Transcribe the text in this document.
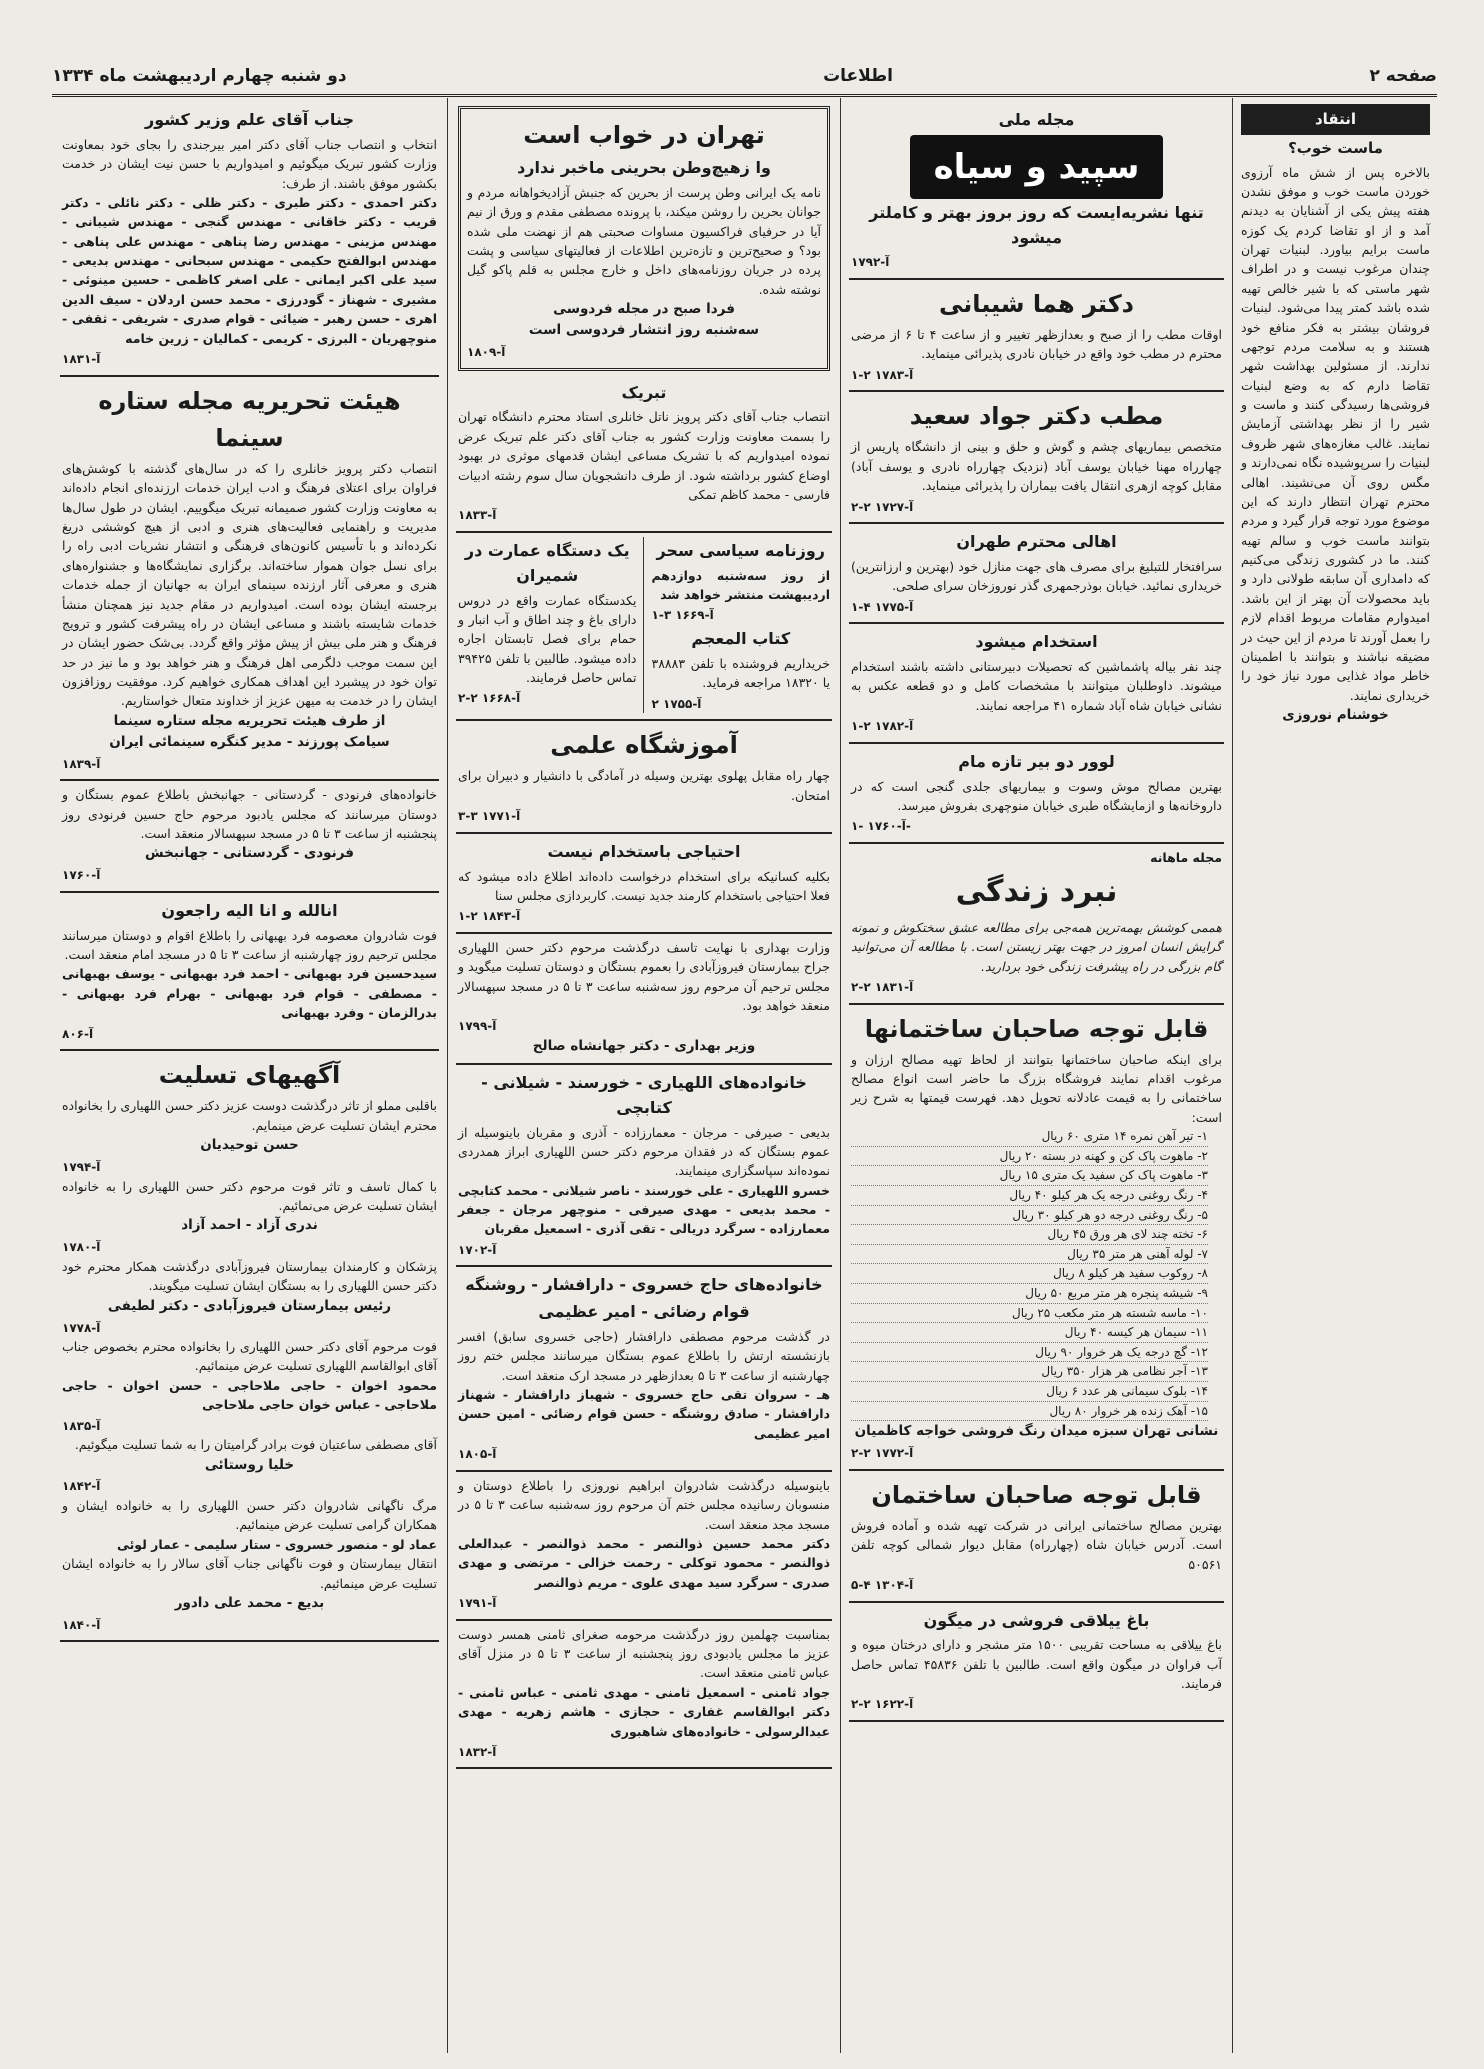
صفحه ۲
اطلاعات
دو شنبه چهارم اردیبهشت ماه ۱۳۳۴
انتقاد
ماست خوب؟
بالاخره پس از شش ماه آرزوی خوردن ماست خوب و موفق نشدن هفته پیش یکی از آشنایان به دیدنم آمد و از او تقاضا کردم یک کوزه ماست برایم بیاورد. لبنیات تهران چندان مرغوب نیست و در اطراف شهر ماستی که با شیر خالص تهیه شده باشد کمتر پیدا می‌شود. لبنیات فروشان بیشتر به فکر منافع خود هستند و به سلامت مردم توجهی ندارند. از مسئولین بهداشت شهر تقاضا دارم که به وضع لبنیات فروشی‌ها رسیدگی کنند و ماست و شیر را از نظر بهداشتی آزمایش نمایند. غالب مغازه‌های شهر ظروف لبنیات را سرپوشیده نگاه نمی‌دارند و مگس روی آن می‌نشیند. اهالی محترم تهران انتظار دارند که این موضوع مورد توجه قرار گیرد و مردم بتوانند ماست خوب و سالم تهیه کنند. ما در کشوری زندگی می‌کنیم که دامداری آن سابقه طولانی دارد و باید محصولات آن بهتر از این باشد. امیدوارم مقامات مربوط اقدام لازم را بعمل آورند تا مردم از این حیث در مضیقه نباشند و بتوانند با اطمینان خاطر مواد غذایی مورد نیاز خود را خریداری نمایند.
خوشنام نوروزی
مجله ملی
سپید و سیاه
تنها نشریه‌ایست که روز بروز بهتر و کاملتر میشود
آ-۱۷۹۲
دکتر هما شیبانی
اوقات مطب را از صبح و بعدازظهر تغییر و از ساعت ۴ تا ۶ از مرضی محترم در مطب خود واقع در خیابان نادری پذیرائی مینماید.
آ-۱۷۸۳ ۲-۱
مطب دکتر جواد سعید
متخصص بیماریهای چشم و گوش و حلق و بینی از دانشگاه پاریس از چهارراه مهنا خیابان یوسف آباد (نزدیک چهارراه نادری و یوسف آباد) مقابل کوچه ازهری انتقال یافت بیماران را پذیرائی مینماید.
آ-۱۷۲۷ ۲-۲
اهالی محترم طهران
سرافتخار للتبلیغ برای مصرف های جهت منازل خود (بهترین و ارزانترین) خریداری نمائید. خیابان بوذرجمهری گذر نوروزخان سرای صلحی.
آ-۱۷۷۵ ۴-۱
استخدام میشود
چند نفر بیاله پاشماشین که تحصیلات دبیرستانی داشته باشند استخدام میشوند. داوطلبان میتوانند با مشخصات کامل و دو قطعه عکس به نشانی خیابان شاه آباد شماره ۴۱ مراجعه نمایند.
آ-۱۷۸۲ ۲-۱
لوور دو بیر تازه مام
بهترین مصالح موش وسوت و بیماریهای جلدی گنجی است که در داروخانه‌ها و ازمایشگاه طبری خیابان منوچهری بفروش میرسد.
آ-۱۷۶۰ -۱-
مجله ماهانه
نبرد زندگی
هممی کوشش بهمه‌ترین همه‌جی برای مطالعه عشق سختکوش و نمونه گرایش انسان امروز در جهت بهتر زیستن است. با مطالعه آن می‌توانید گام بزرگی در راه پیشرفت زندگی خود بردارید.
آ-۱۸۳۱ ۲-۲
قابل توجه صاحبان ساختمانها
برای اینکه صاحبان ساختمانها بتوانند از لحاظ تهیه مصالح ارزان و مرغوب اقدام نمایند فروشگاه بزرگ ما حاضر است انواع مصالح ساختمانی را به قیمت عادلانه تحویل دهد. فهرست قیمتها به شرح زیر است:
۱- تیر آهن نمره ۱۴ متری ۶۰ ریال
۲- ماهوت پاک کن و کهنه در بسته ۲۰ ریال
۳- ماهوت پاک کن سفید یک متری ۱۵ ریال
۴- رنگ روغنی درجه یک هر کیلو ۴۰ ریال
۵- رنگ روغنی درجه دو هر کیلو ۳۰ ریال
۶- تخته چند لای هر ورق ۴۵ ریال
۷- لوله آهنی هر متر ۳۵ ریال
۸- روکوب سفید هر کیلو ۸ ریال
۹- شیشه پنجره هر متر مربع ۵۰ ریال
۱۰- ماسه شسته هر متر مکعب ۲۵ ریال
۱۱- سیمان هر کیسه ۴۰ ریال
۱۲- گچ درجه یک هر خروار ۹۰ ریال
۱۳- آجر نظامی هر هزار ۳۵۰ ریال
۱۴- بلوک سیمانی هر عدد ۶ ریال
۱۵- آهک زنده هر خروار ۸۰ ریال
نشانی تهران سبزه میدان رنگ فروشی خواجه کاظمیان
آ-۱۷۷۲ ۲-۲
قابل توجه صاحبان ساختمان
بهترین مصالح ساختمانی ایرانی در شرکت تهیه شده و آماده فروش است. آدرس خیابان شاه (چهارراه) مقابل دیوار شمالی کوچه تلفن ۵۰۵۶۱
آ-۱۳۰۴ ۴-۵
باغ ییلاقی فروشی در میگون
باغ ییلاقی به مساحت تقریبی ۱۵۰۰ متر مشجر و دارای درختان میوه و آب فراوان در میگون واقع است. طالبین با تلفن ۴۵۸۳۶ تماس حاصل فرمایند.
آ-۱۶۲۲ ۲-۲
تهران در خواب است
وا زهیچ‌وطن بحرینی ماخبر ندارد
نامه یک ایرانی وطن پرست از بحرین که جنبش آزادیخواهانه مردم و جوانان بحرین را روشن میکند، با پرونده مصطفی مقدم و ورق از نیم آیا در حرفیای فراکسیون مساوات صحبتی هم از نهضت ملی شده بود؟ و صحیح‌ترین و تازه‌ترین اطلاعات از فعالیتهای سیاسی و پشت پرده در جریان روزنامه‌های داخل و خارج مجلس به قلم پاکو گیل نوشته شده.
فردا صبح در مجله فردوسی
سه‌شنبه روز انتشار فردوسی است
آ-۱۸۰۹
تبریک
انتصاب جناب آقای دکتر پرویز ناتل خانلری استاد محترم دانشگاه تهران را بسمت معاونت وزارت کشور به جناب آقای دکتر علم تبریک عرض نموده امیدواریم که با تشریک مساعی ایشان قدمهای موثری در بهبود اوضاع کشور برداشته شود. از طرف دانشجویان سال سوم رشته ادبیات فارسی - محمد کاظم تمکی
آ-۱۸۳۳
روزنامه سیاسی سحر
از روز سه‌شنبه دوازدهم اردیبهشت منتشر خواهد شد
آ-۱۶۶۹ ۳-۱
کتاب المعجم
خریداریم فروشنده با تلفن ۳۸۸۸۳ یا ۱۸۳۲۰ مراجعه فرماید.
آ-۱۷۵۵ ۲
یک دستگاه عمارت در شمیران
یکدستگاه عمارت واقع در دروس دارای باغ و چند اطاق و آب انبار و حمام برای فصل تابستان اجاره داده میشود. طالبین با تلفن ۳۹۴۲۵ تماس حاصل فرمایند.
آ-۱۶۶۸ ۲-۲
آموزشگاه علمی
چهار راه مقابل پهلوی بهترین وسیله در آمادگی با دانشیار و دبیران برای امتحان.
آ-۱۷۷۱ ۳-۳
احتیاجی باستخدام نیست
بکلیه کسانیکه برای استخدام درخواست داده‌اند اطلاع داده میشود که فعلا احتیاجی باستخدام کارمند جدید نیست. کاربردازی مجلس سنا
آ-۱۸۴۳ ۲-۱
وزارت بهداری با نهایت تاسف درگذشت مرحوم دکتر حسن اللهیاری جراح بیمارستان فیروزآبادی را بعموم بستگان و دوستان تسلیت میگوید و مجلس ترحیم آن مرحوم روز سه‌شنبه ساعت ۳ تا ۵ در مسجد سپهسالار منعقد خواهد بود.
آ-۱۷۹۹
وزیر بهداری - دکتر جهانشاه صالح
خانواده‌های اللهیاری - خورسند - شیلانی - کتابچی
بدیعی - صیرفی - مرجان - معمارزاده - آذری و مقربان باینوسیله از عموم بستگان که در فقدان مرحوم دکتر حسن اللهیاری ابراز همدردی نموده‌اند سپاسگزاری مینمایند.
خسرو اللهیاری - علی خورسند - ناصر شیلانی - محمد کتابچی - محمد بدیعی - مهدی صیرفی - منوچهر مرجان - جعفر معمارزاده - سرگرد دریالی - تقی آذری - اسمعیل مقربان
آ-۱۷۰۲
خانواده‌های حاج خسروی - دارافشار - روشنگه
قوام رضائی - امیر عظیمی
در گذشت مرحوم مصطفی دارافشار (حاجی خسروی سابق) افسر بازنشسته ارتش را باطلاع عموم بستگان میرسانند مجلس ختم روز چهارشنبه از ساعت ۳ تا ۵ بعدازظهر در مسجد ارک منعقد است.
هـ - سروان تقی حاج خسروی - شهباز دارافشار - شهناز دارافشار - صادق روشنگه - حسن قوام رضائی - امین حسن امیر عظیمی
آ-۱۸۰۵
باینوسیله درگذشت شادروان ابراهیم نوروزی را باطلاع دوستان و منسوبان رسانیده مجلس ختم آن مرحوم روز سه‌شنبه ساعت ۳ تا ۵ در مسجد مجد منعقد است.
دکتر محمد حسین ذوالنصر - محمد ذوالنصر - عبدالعلی ذوالنصر - محمود توکلی - رحمت خزالی - مرتضی و مهدی صدری - سرگرد سید مهدی علوی - مریم ذوالنصر
آ-۱۷۹۱
بمناسبت چهلمین روز درگذشت مرحومه صغرای ثامنی همسر دوست عزیز ما مجلس یادبودی روز پنجشنبه از ساعت ۳ تا ۵ در منزل آقای عباس ثامنی منعقد است.
جواد ثامنی - اسمعیل ثامنی - مهدی ثامنی - عباس ثامنی - دکتر ابوالقاسم غفاری - حجازی - هاشم زهریه - مهدی عبدالرسولی - خانواده‌های شاهبوری
آ-۱۸۳۲
جناب آقای علم وزیر کشور
انتخاب و انتصاب جناب آقای دکتر امیر بیرجندی را بجای خود بمعاونت وزارت کشور تبریک میگوئیم و امیدواریم با حسن نیت ایشان در خدمت بکشور موفق باشند. از طرف:
دکتر احمدی - دکتر طبری - دکتر ظلی - دکتر نائلی - دکتر قریب - دکتر خاقانی - مهندس گنجی - مهندس شیبانی - مهندس مزینی - مهندس رضا پناهی - مهندس علی پناهی - مهندس ابوالفتح حکیمی - مهندس سبحانی - مهندس بدیعی - سید علی اکبر ایمانی - علی اصغر کاظمی - حسین مینوئی - مشیری - شهناز - گودرزی - محمد حسن اردلان - سیف الدین اهری - حسن رهبر - ضیائی - قوام صدری - شریفی - ثقفی - منوچهریان - البرزی - کریمی - کمالیان - زرین خامه
آ-۱۸۳۱
هیئت تحریریه مجله ستاره سینما
انتصاب دکتر پرویز خانلری را که در سال‌های گذشته با کوشش‌های فراوان برای اعتلای فرهنگ و ادب ایران خدمات ارزنده‌ای انجام داده‌اند به معاونت وزارت کشور صمیمانه تبریک میگوییم. ایشان در طول سال‌ها مدیریت و راهنمایی فعالیت‌های هنری و ادبی از هیچ کوششی دریغ نکرده‌اند و با تأسیس کانون‌های فرهنگی و انتشار نشریات ادبی راه را برای نسل جوان هموار ساخته‌اند. برگزاری نمایشگاه‌ها و جشنواره‌های هنری و معرفی آثار ارزنده سینمای ایران به جهانیان از جمله خدمات برجسته ایشان بوده است. امیدواریم در مقام جدید نیز همچنان منشأ خدمات شایسته باشند و مساعی ایشان در راه پیشرفت کشور و ترویج فرهنگ و هنر ملی بیش از پیش مؤثر واقع گردد. بی‌شک حضور ایشان در این سمت موجب دلگرمی اهل فرهنگ و هنر خواهد بود و ما نیز در حد توان خود در پیشبرد این اهداف همکاری خواهیم کرد. موفقیت روزافزون ایشان را در خدمت به میهن عزیز از خداوند متعال خواستاریم.
از طرف هیئت تحریریه مجله ستاره سینما
سیامک پورزند - مدیر کنگره سینمائی ایران
آ-۱۸۳۹
خانواده‌های فرنودی - گردستانی - جهانبخش باطلاع عموم بستگان و دوستان میرسانند که مجلس یادبود مرحوم حاج حسین فرنودی روز پنجشنبه از ساعت ۳ تا ۵ در مسجد سپهسالار منعقد است.
فرنودی - گردستانی - جهانبخش
آ-۱۷۶۰
انالله و انا الیه راجعون
فوت شادروان معصومه فرد بهبهانی را باطلاع اقوام و دوستان میرسانند مجلس ترحیم روز چهارشنبه از ساعت ۳ تا ۵ در مسجد امام منعقد است.
سیدحسین فرد بهبهانی - احمد فرد بهبهانی - یوسف بهبهانی - مصطفی - قوام فرد بهبهانی - بهرام فرد بهبهانی - بدرالزمان - وفرد بهبهانی
آ-۸۰۶
آگهیهای تسلیت
باقلبی مملو از تاثر درگذشت دوست عزیز دکتر حسن اللهیاری را بخانواده محترم ایشان تسلیت عرض مینمایم.
حسن توحیدیان
آ-۱۷۹۴
با کمال تاسف و تاثر فوت مرحوم دکتر حسن اللهیاری را به خانواده ایشان تسلیت عرض می‌نمائیم.
ندری آزاد - احمد آزاد
آ-۱۷۸۰
پزشکان و کارمندان بیمارستان فیروزآبادی درگذشت همکار محترم خود دکتر حسن اللهیاری را به بستگان ایشان تسلیت میگویند.
رئیس بیمارستان فیروزآبادی - دکتر لطیفی
آ-۱۷۷۸
فوت مرحوم آقای دکتر حسن اللهیاری را بخانواده محترم بخصوص جناب آقای ابوالقاسم اللهیاری تسلیت عرض مینمائیم.
محمود اخوان - حاجی ملاحاجی - حسن اخوان - حاجی ملاحاجی - عباس خوان حاجی ملاحاجی
آ-۱۸۳۵
آقای مصطفی ساعتیان فوت برادر گرامیتان را به شما تسلیت میگوئیم.
خلیا روستائی
آ-۱۸۴۲
مرگ ناگهانی شادروان دکتر حسن اللهیاری را به خانواده ایشان و همکاران گرامی تسلیت عرض مینمائیم.
عماد لو - منصور خسروی - ستار سلیمی - عمار لوئی
انتقال بیمارستان و فوت ناگهانی جناب آقای سالار را به خانواده ایشان تسلیت عرض مینمائیم.
بدیع - محمد علی دادور
آ-۱۸۴۰
